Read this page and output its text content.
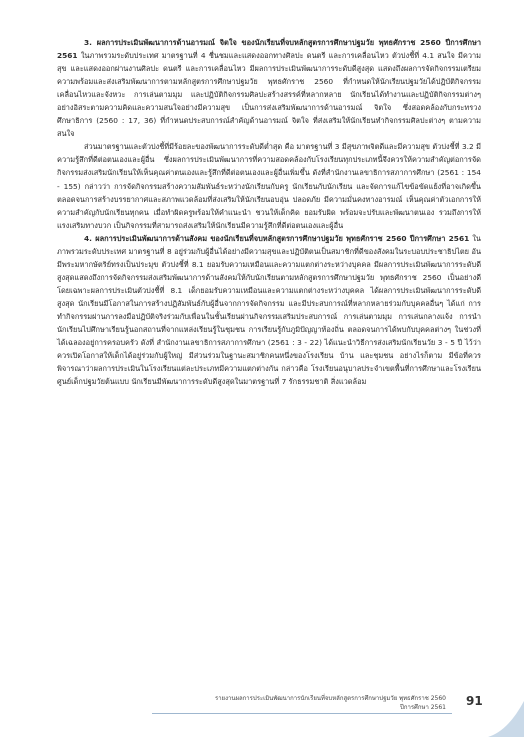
3. ผลการประเมินพัฒนาการด้านอารมณ์ จิตใจ ของนักเรียนที่จบหลักสูตรการศึกษาปฐมวัย พุทธศักราช 2560 ปีการศึกษา 2561 ในภาพรวมระดับประเทศ มาตรฐานที่ 4 ชื่นชมและแสดงออกทางศิลปะ ดนตรี และการเคลื่อนไหว ตัวบ่งชี้ที่ 4.1 สนใจ มีความสุข และแสดงออกผ่านงานศิลปะ ดนตรี และการเคลื่อนไหว มีผลการประเมินพัฒนาการระดับดีสูงสุด แสดงถึงผลการจัดกิจกรรมเตรียมความพร้อมและส่งเสริมพัฒนาการตามหลักสูตรการศึกษาปฐมวัย พุทธศักราช 2560 ที่กำหนดให้นักเรียนปฐมวัยได้ปฏิบัติกิจกรรมเคลื่อนไหวและจังหวะ การเล่นตามมุม และปฏิบัติกิจกรรมศิลปะสร้างสรรค์ที่หลากหลาย นักเรียนได้ทำงานและปฏิบัติกิจกรรมต่างๆ อย่างอิสระตามความคิดและความสนใจอย่างมีความสุข เป็นการส่งเสริมพัฒนาการด้านอารมณ์ จิตใจ ซึ่งสอดคล้องกับกระทรวงศึกษาธิการ (2560 : 17, 36) ที่กำหนดประสบการณ์สำคัญด้านอารมณ์ จิตใจ ที่ส่งเสริมให้นักเรียนทำกิจกรรมศิลปะต่างๆ ตามความสนใจ

ส่วนมาตรฐานและตัวบ่งชี้ที่มีร้อยละของพัฒนาการระดับดีต่ำสุด คือ มาตรฐานที่ 3 มีสุขภาพจิตดีและมีความสุข ตัวบ่งชี้ที่ 3.2 มีความรู้สึกที่ดีต่อตนเองและผู้อื่น ซึ่งผลการประเมินพัฒนาการที่ความสอดคล้องกับโรงเรียนทุกประเภทนี้จึงควรให้ความสำคัญต่อการจัดกิจกรรมส่งเสริมนักเรียนให้เห็นคุณค่าตนเองและรู้สึกที่ดีต่อตนเองและผู้อื่นเพิ่มขึ้น ดังที่สำนักงานเลขาธิการสภาการศึกษา (2561 : 154 - 155) กล่าวว่า การจัดกิจกรรมสร้างความสัมพันธ์ระหว่างนักเรียนกับครู นักเรียนกับนักเรียน และจัดการแก้ไขข้อขัดแย้งที่อาจเกิดขึ้น ตลอดจนการสร้างบรรยากาศและสภาพแวดล้อมที่ส่งเสริมให้นักเรียนอบอุ่น ปลอดภัย มีความมั่นคงทางอารมณ์ เห็นคุณค่าตัวเอกการให้ความสำคัญกับนักเรียนทุกคน เมื่อทำผิดครูพร้อมให้คำแนะนำ ชวนให้เด็กคิด ยอมรับผิด พร้อมจะปรับและพัฒนาตนเอง รวมถึงการให้แรงเสริมทางบวก เป็นกิจกรรมที่สามารถส่งเสริมให้นักเรียนมีความรู้สึกที่ดีต่อตนเองและผู้อื่น

4. ผลการประเมินพัฒนาการด้านสังคม ของนักเรียนที่จบหลักสูตรการศึกษาปฐมวัย พุทธศักราช 2560 ปีการศึกษา 2561 ในภาพรวมระดับประเทศ มาตรฐานที่ 8 อยู่ร่วมกับผู้อื่นได้อย่างมีความสุขและปฏิบัติตนเป็นสมาชิกที่ดีของสังคมในระบอบประชาธิปไตย อันมีพระมหากษัตริย์ทรงเป็นประมุข ตัวบ่งชี้ที่ 8.1 ยอมรับความเหมือนและความแตกต่างระหว่างบุคคล มีผลการประเมินพัฒนาการระดับดีสูงสุดแสดงถึงการจัดกิจกรรมส่งเสริมพัฒนาการด้านสังคมให้กับนักเรียนตามหลักสูตรการศึกษาปฐมวัย พุทธศักราช 2560 เป็นอย่างดี โดยเฉพาะผลการประเมินตัวบ่งชี้ที่ 8.1 เด็กยอมรับความเหมือนและความแตกต่างระหว่างบุคคล ได้ผลการประเมินพัฒนาการระดับดีสูงสุด นักเรียนมีโอกาสในการสร้างปฏิสัมพันธ์กับผู้อื่นจากการจัดกิจกรรม และมีประสบการณ์ที่หลากหลายร่วมกับบุคคลอื่นๆ ได้แก่ การทำกิจกรรมผ่านการลงมือปฏิบัติจริงร่วมกับเพื่อนในชั้นเรียนผ่านกิจกรรมเสริมประสบการณ์ การเล่นตามมุม การเล่นกลางแจ้ง การนำนักเรียนไปศึกษาเรียนรู้นอกสถานที่จากแหล่งเรียนรู้ในชุมชน การเรียนรู้กับภูมิปัญญาท้องถิ่น ตลอดจนการได้พบกับบุคคลต่างๆ ในช่วงที่ได้เฉลองอยู่การครอบครัว ดังที่ สำนักงานเลขาธิการสภาการศึกษา (2561 : 3 - 22) ได้แนะนำวิธีการส่งเสริมนักเรียนวัย 3 - 5 ปี ไว้ว่า ควรเปิดโอกาสให้เด็กได้อยู่ร่วมกับผู้ใหญ่ มีส่วนร่วมในฐานะสมาชิกคนหนึ่งของโรงเรียน บ้าน และชุมชน อย่างไรก็ตาม มีข้อที่ควรพิจารณาว่าผลการประเมินในโรงเรียนแต่ละประเภทมีความแตกต่างกัน กล่าวคือ โรงเรียนอนุบาลประจำเขตพื้นที่การศึกษาและโรงเรียนศูนย์เด็กปฐมวัยต้นแบบ นักเรียนมีพัฒนาการระดับดีสูงสุดในมาตรฐานที่ 7 รักธรรมชาติ สิ่งแวดล้อม

รายงานผลการประเมินพัฒนาการนักเรียนที่จบหลักสูตรการศึกษาปฐมวัย พุทธศักราช 2560
ปีการศึกษา 2561 91
